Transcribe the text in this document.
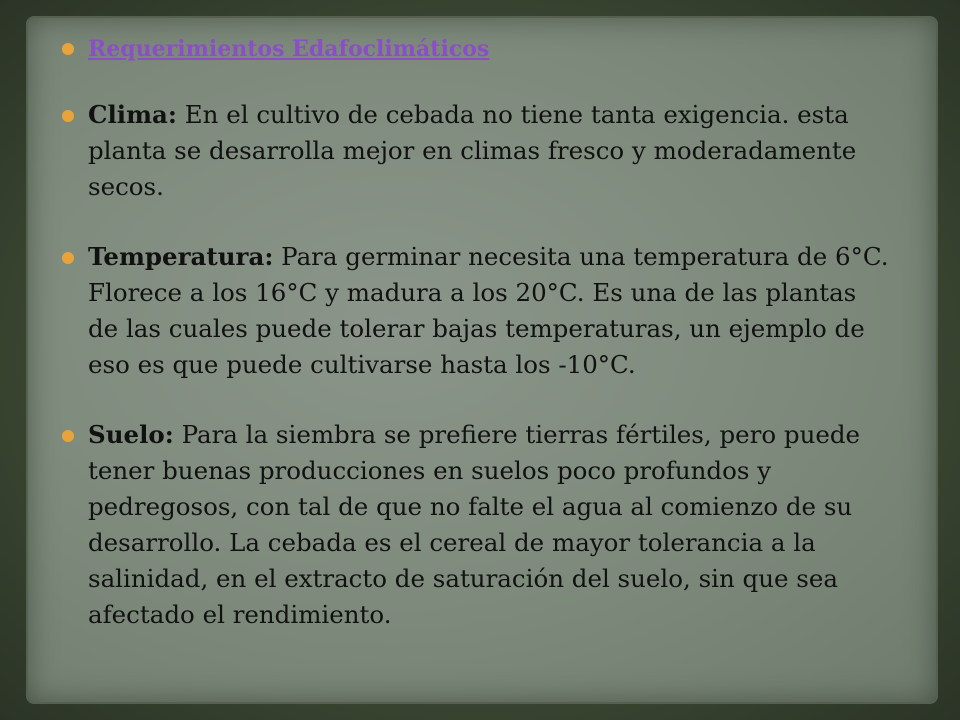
Requerimientos Edafoclimáticos
Clima: En el cultivo de cebada no tiene tanta exigencia. esta planta se desarrolla mejor en climas fresco y moderadamente secos.
Temperatura: Para germinar necesita una temperatura de 6°C. Florece a los 16°C y madura a los 20°C. Es una de las plantas de las cuales puede tolerar bajas temperaturas, un ejemplo de eso es que puede cultivarse hasta los -10°C.
Suelo: Para la siembra se prefiere tierras fértiles, pero puede tener buenas producciones en suelos poco profundos y pedregosos, con tal de que no falte el agua al comienzo de su desarrollo. La cebada es el cereal de mayor tolerancia a la salinidad, en el extracto de saturación del suelo, sin que sea afectado el rendimiento.
